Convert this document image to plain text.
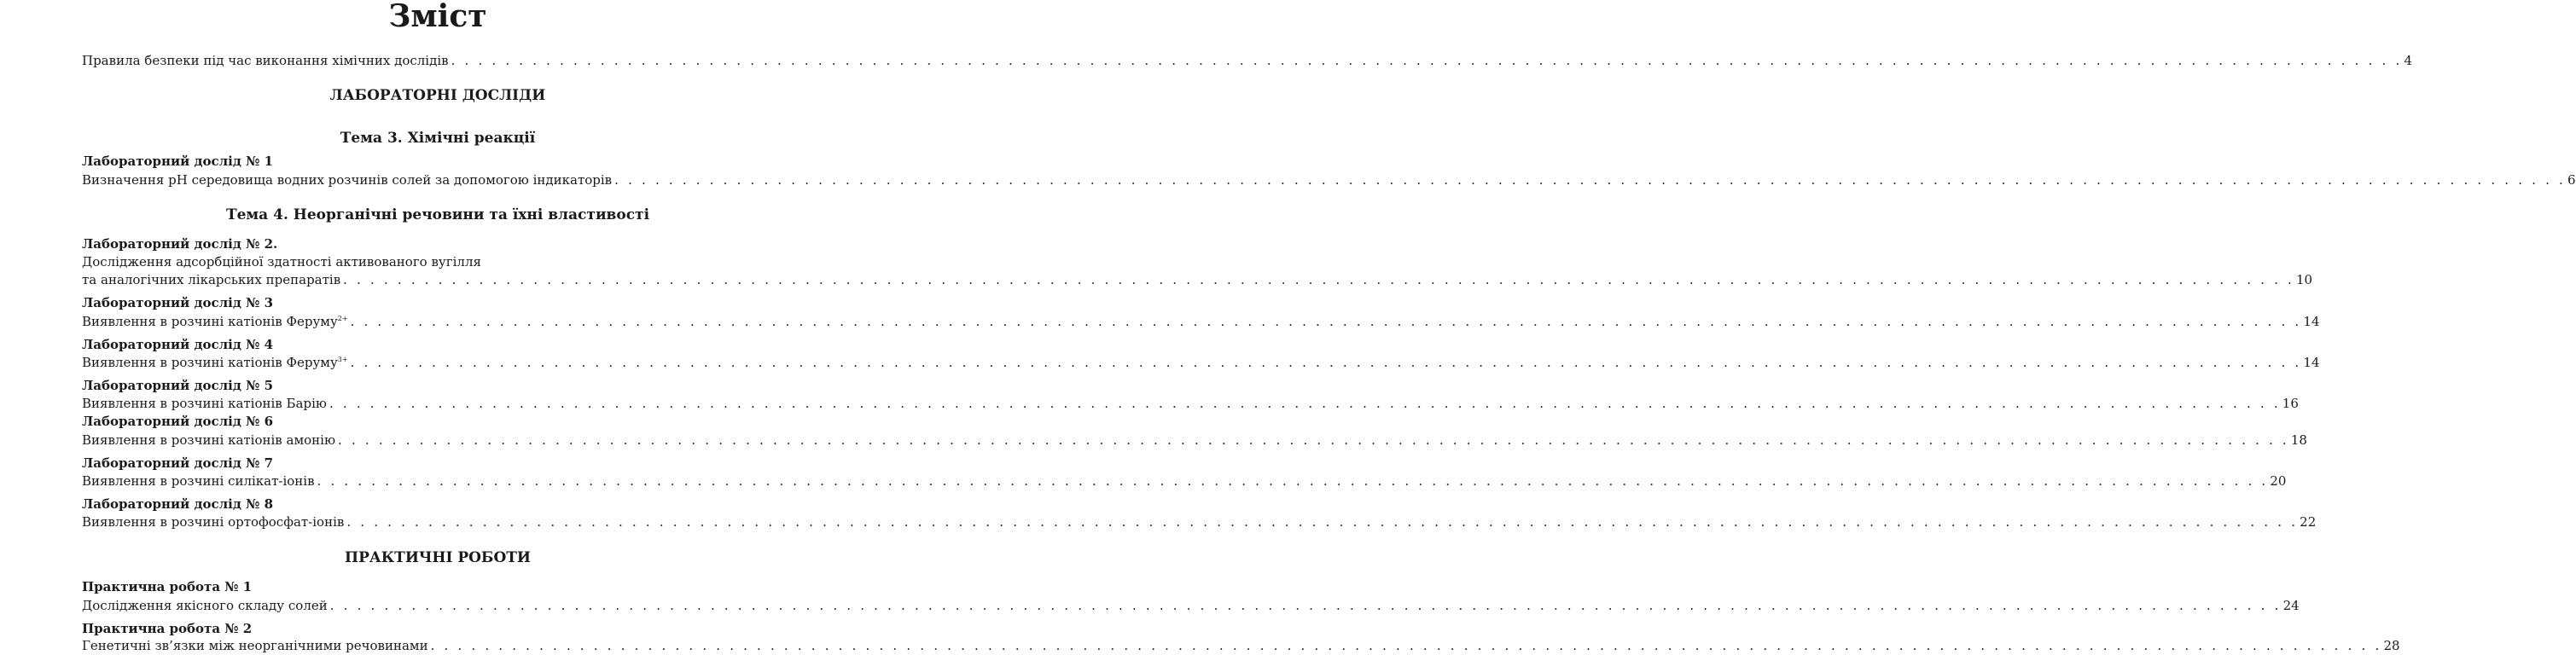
Зміст
Правила безпеки під час виконання хімічних дослідів . . . . . . . . . . . . . . . . . . . . . . . . . . . . . . . . . . . . . . . . . . . . . . . . . . . . . . . . . . . . . . . . . . . . . . . . . . . . . . . . . . . . . . . . . . . . . . . . . . . . . . . . . . . . . . . . . . . . . . . . . . . . . . . . . . . . . . . . . . . . . . . . 4
ЛАБОРАТОРНІ ДОСЛІДИ
Тема 3. Хімічні реакції
Лабораторний дослід № 1
Визначення pH середовища водних розчинів солей за допомогою індикаторів . . . . . . . . . . . . . . . . . . . . . . . . . . . . . . . . . . . . . . . . . . . . . . . . . . . . . . . . . . . . . . . . . . . . . . . . . . . . . . . . . . . . . . . . . . . . . . . . . . . . . . . . . . . . . . . . . . . . . . . . . . . . . . . . . . . . . . . . . . . . . . . . 6
Тема 4. Неорганічні речовини та їхні властивості
Лабораторний дослід № 2.
Дослідження адсорбційної здатності активованого вугілля
та аналогічних лікарських препаратів . . . . . . . . . . . . . . . . . . . . . . . . . . . . . . . . . . . . . . . . . . . . . . . . . . . . . . . . . . . . . . . . . . . . . . . . . . . . . . . . . . . . . . . . . . . . . . . . . . . . . . . . . . . . . . . . . . . . . . . . . . . . . . . . . . . . . . . . . . . . . . . . 10
Лабораторний дослід № 3
Виявлення в розчині катіонів Феруму$^{2+}$ . . . . . . . . . . . . . . . . . . . . . . . . . . . . . . . . . . . . . . . . . . . . . . . . . . . . . . . . . . . . . . . . . . . . . . . . . . . . . . . . . . . . . . . . . . . . . . . . . . . . . . . . . . . . . . . . . . . . . . . . . . . . . . . . . . . . . . . . . . . . . . . . 14
Лабораторний дослід № 4
Виявлення в розчині катіонів Феруму$^{3+}$ . . . . . . . . . . . . . . . . . . . . . . . . . . . . . . . . . . . . . . . . . . . . . . . . . . . . . . . . . . . . . . . . . . . . . . . . . . . . . . . . . . . . . . . . . . . . . . . . . . . . . . . . . . . . . . . . . . . . . . . . . . . . . . . . . . . . . . . . . . . . . . . . 14
Лабораторний дослід № 5
Виявлення в розчині катіонів Барію . . . . . . . . . . . . . . . . . . . . . . . . . . . . . . . . . . . . . . . . . . . . . . . . . . . . . . . . . . . . . . . . . . . . . . . . . . . . . . . . . . . . . . . . . . . . . . . . . . . . . . . . . . . . . . . . . . . . . . . . . . . . . . . . . . . . . . . . . . . . . . . . 16
Лабораторний дослід № 6
Виявлення в розчині катіонів амонію . . . . . . . . . . . . . . . . . . . . . . . . . . . . . . . . . . . . . . . . . . . . . . . . . . . . . . . . . . . . . . . . . . . . . . . . . . . . . . . . . . . . . . . . . . . . . . . . . . . . . . . . . . . . . . . . . . . . . . . . . . . . . . . . . . . . . . . . . . . . . . . . 18
Лабораторний дослід № 7
Виявлення в розчині силікат-іонів . . . . . . . . . . . . . . . . . . . . . . . . . . . . . . . . . . . . . . . . . . . . . . . . . . . . . . . . . . . . . . . . . . . . . . . . . . . . . . . . . . . . . . . . . . . . . . . . . . . . . . . . . . . . . . . . . . . . . . . . . . . . . . . . . . . . . . . . . . . . . . . . 20
Лабораторний дослід № 8
Виявлення в розчині ортофосфат-іонів . . . . . . . . . . . . . . . . . . . . . . . . . . . . . . . . . . . . . . . . . . . . . . . . . . . . . . . . . . . . . . . . . . . . . . . . . . . . . . . . . . . . . . . . . . . . . . . . . . . . . . . . . . . . . . . . . . . . . . . . . . . . . . . . . . . . . . . . . . . . . . . . 22
ПРАКТИЧНІ РОБОТИ
Практична робота № 1
Дослідження якісного складу солей . . . . . . . . . . . . . . . . . . . . . . . . . . . . . . . . . . . . . . . . . . . . . . . . . . . . . . . . . . . . . . . . . . . . . . . . . . . . . . . . . . . . . . . . . . . . . . . . . . . . . . . . . . . . . . . . . . . . . . . . . . . . . . . . . . . . . . . . . . . . . . . . 24
Практична робота № 2
Генетичні зв’язки між неорганічними речовинами . . . . . . . . . . . . . . . . . . . . . . . . . . . . . . . . . . . . . . . . . . . . . . . . . . . . . . . . . . . . . . . . . . . . . . . . . . . . . . . . . . . . . . . . . . . . . . . . . . . . . . . . . . . . . . . . . . . . . . . . . . . . . . . . . . . . . . . . . . . . . . . . 28
